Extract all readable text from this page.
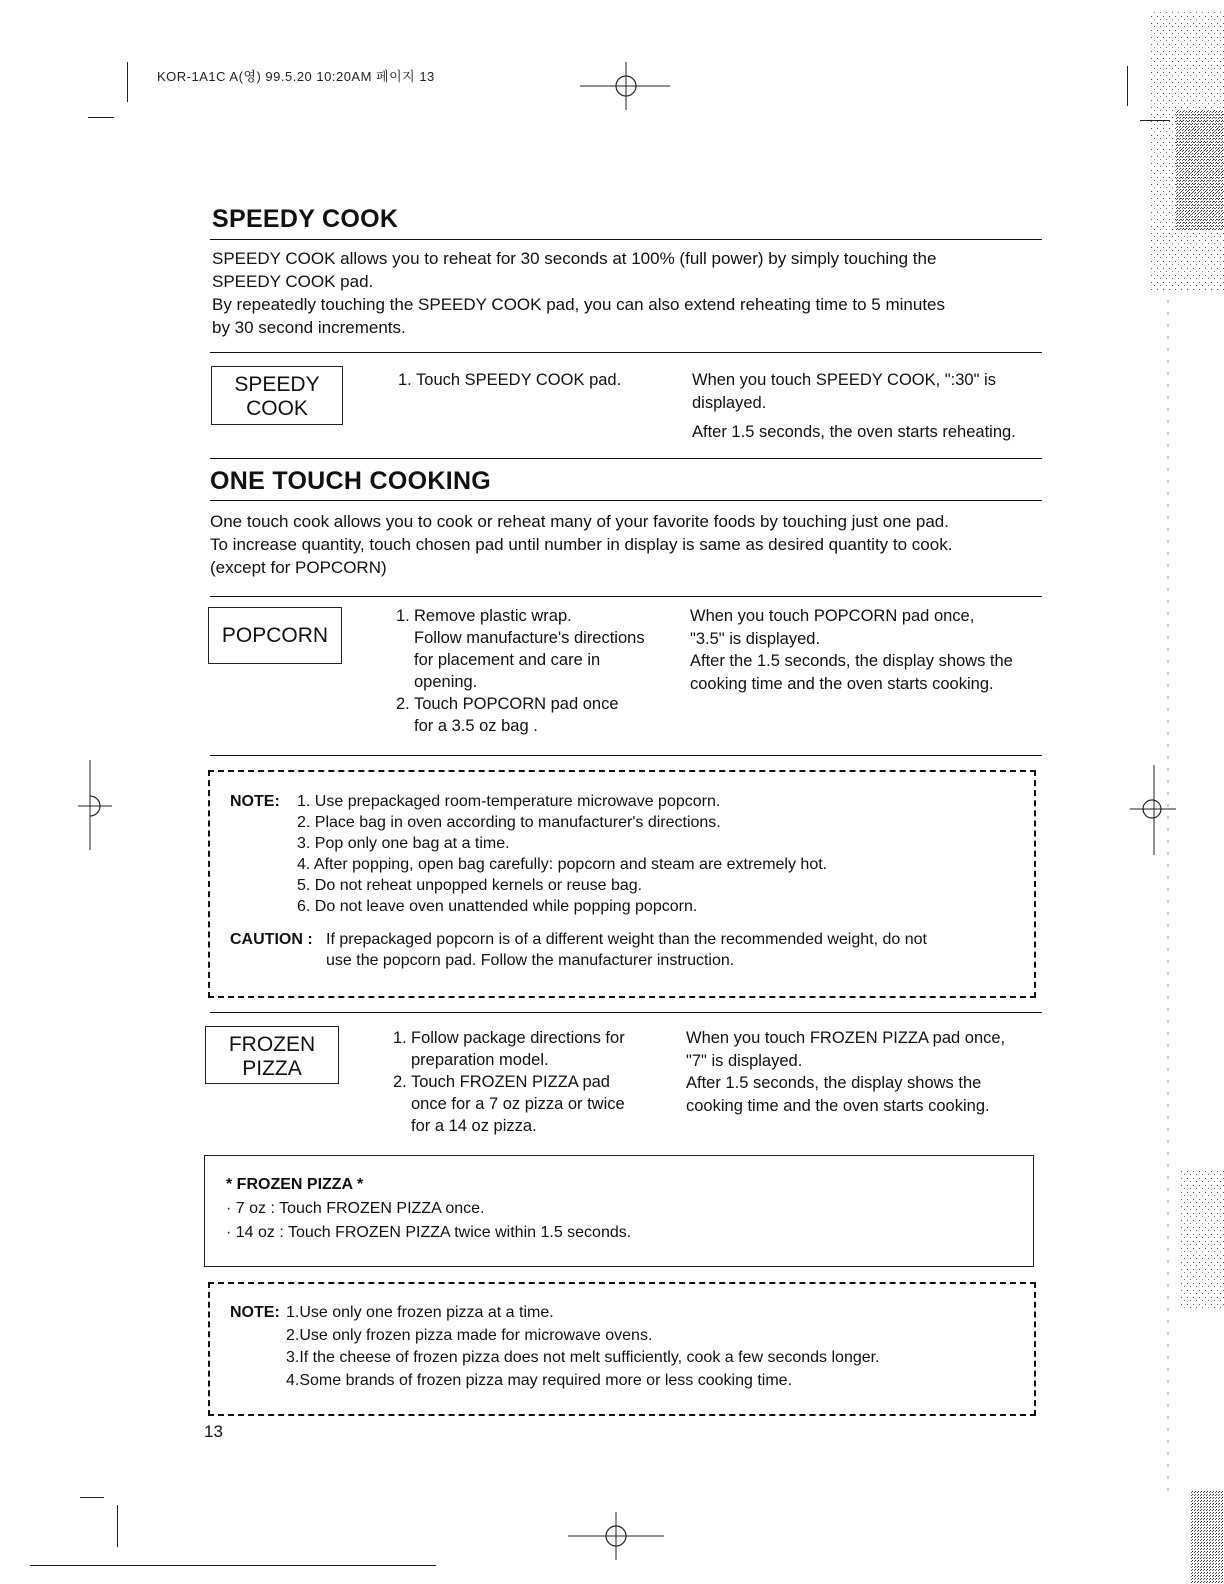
KOR-1A1C A(영) 99.5.20 10:20AM 페이지 13
SPEEDY COOK
SPEEDY COOK allows you to reheat for 30 seconds at 100% (full power) by simply touching the
SPEEDY COOK pad.
By repeatedly touching the SPEEDY COOK pad, you can also extend reheating time to 5 minutes
by 30 second increments.
SPEEDY
COOK
1. Touch SPEEDY COOK pad.	When you touch SPEEDY COOK, ":30" is
displayed.
After 1.5 seconds, the oven starts reheating.
ONE TOUCH COOKING
One touch cook allows you to cook or reheat many of your favorite foods by touching just one pad.
To increase quantity, touch chosen pad until number in display is same as desired quantity to cook.
(except for POPCORN)
POPCORN
1. Remove plastic wrap.
Follow manufacture's directions
for placement and care in
opening.
2. Touch POPCORN pad once
for a 3.5 oz bag .
When you touch POPCORN pad once,
"3.5" is displayed.
After the 1.5 seconds, the display shows the
cooking time and the oven starts cooking.
NOTE:	1. Use prepackaged room-temperature microwave popcorn.
2. Place bag in oven according to manufacturer's directions.
3. Pop only one bag at a time.
4. After popping, open bag carefully: popcorn and steam are extremely hot.
5. Do not reheat unpopped kernels or reuse bag.
6. Do not leave oven unattended while popping popcorn.
CAUTION : If prepackaged popcorn is of a different weight than the recommended weight, do not
use the popcorn pad. Follow the manufacturer instruction.
FROZEN
PIZZA
1. Follow package directions for
preparation model.
2. Touch FROZEN PIZZA pad
once for a 7 oz pizza or twice
for a 14 oz pizza.
When you touch FROZEN PIZZA pad once,
"7" is displayed.
After 1.5 seconds, the display shows the
cooking time and the oven starts cooking.
* FROZEN PIZZA *
· 7 oz : Touch FROZEN PIZZA once.
· 14 oz : Touch FROZEN PIZZA twice within 1.5 seconds.
NOTE: 1.Use only one frozen pizza at a time.
2.Use only frozen pizza made for microwave ovens.
3.If the cheese of frozen pizza does not melt sufficiently, cook a few seconds longer.
4.Some brands of frozen pizza may required more or less cooking time.
13
